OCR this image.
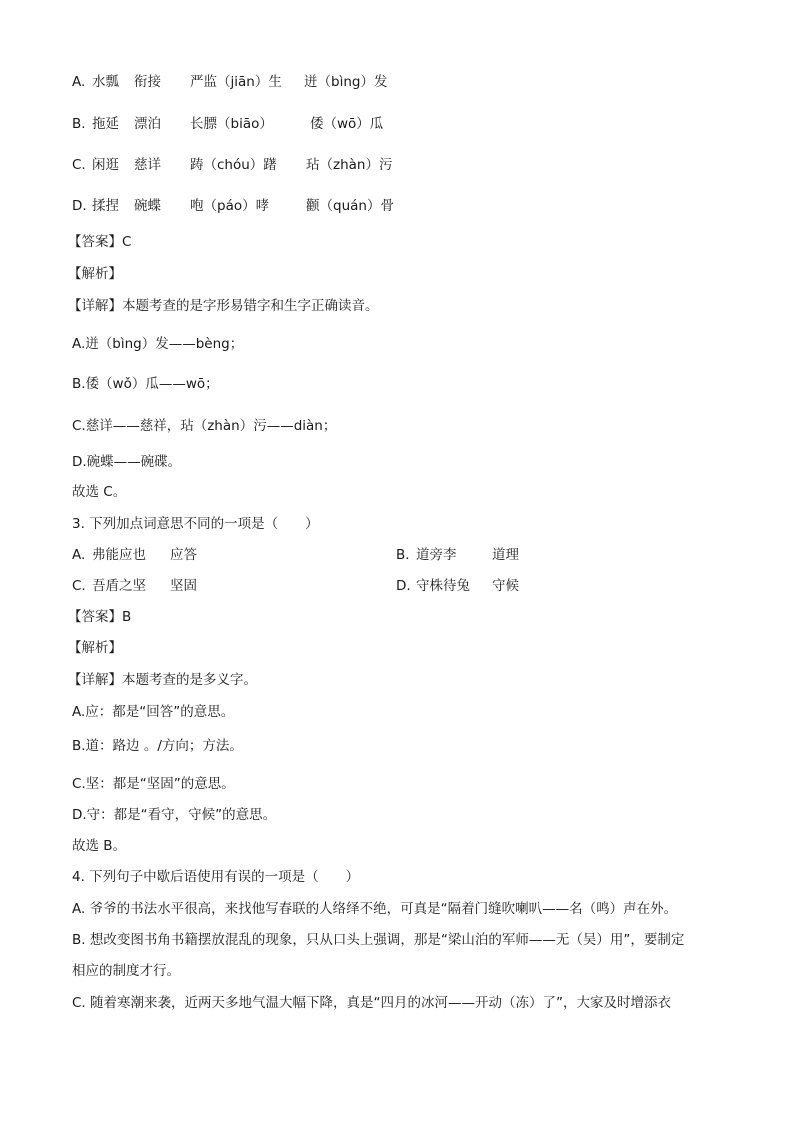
A. 水瓢 衔接 严监（jiān）生 迸（bìng）发
B. 拖延 漂泊 长膘（biāo）	倭（wō）瓜
C. 闲逛 慈详 踌（chóu）躇 玷（zhàn）污
D. 揉捏 碗蝶 咆（páo）哮	颧（quán）骨
【答案】C
【解析】
【详解】本题考查的是字形易错字和生字正确读音。
A.迸（bìng）发——bèng；
B.倭（wǒ）瓜——wō；
C.慈详——慈祥，玷（zhàn）污——diàn；
D.碗蝶——碗碟。
故选 C。
3. 下列加点词意思不同的一项是（　　）
A. 弗能应也 应答	B. 道旁李	道理
C. 吾盾之坚 坚固	D. 守株待兔 守候
【答案】B
【解析】
【详解】本题考查的是多义字。
A.应：都是“回答”的意思。
B.道：路边 。/方向；方法。
C.坚：都是“坚固”的意思。
D.守：都是“看守，守候”的意思。
故选 B。
4. 下列句子中歇后语使用有误的一项是（　　）
A. 爷爷的书法水平很高，来找他写春联的人络绎不绝，可真是“隔着门缝吹喇叭——名（鸣）声在外。
B. 想改变图书角书籍摆放混乱的现象，只从口头上强调，那是“梁山泊的军师——无（吴）用”，要制定
相应的制度才行。
C. 随着寒潮来袭，近两天多地气温大幅下降，真是“四月的冰河——开动（冻）了”，大家及时增添衣
